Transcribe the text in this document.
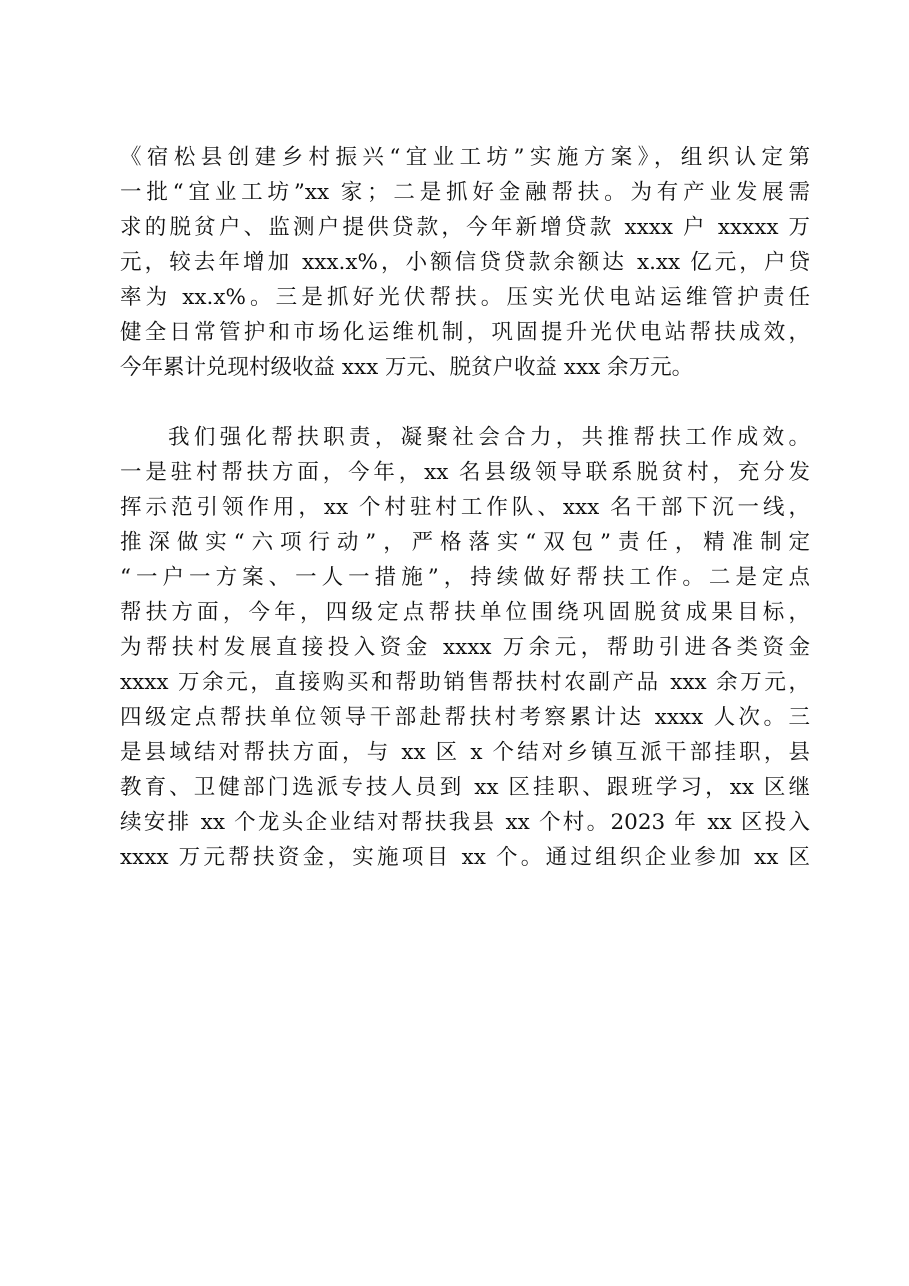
《宿松县创建乡村振兴“宜业工坊”实施方案》，组织认定第
一批“宜业工坊”xx 家；二是抓好金融帮扶。为有产业发展需
求的脱贫户、监测户提供贷款，今年新增贷款 xxxx 户 xxxxx 万
元，较去年增加 xxx.x%，小额信贷贷款余额达 x.xx 亿元，户贷
率为 xx.x%。三是抓好光伏帮扶。压实光伏电站运维管护责任
健全日常管护和市场化运维机制，巩固提升光伏电站帮扶成效，
今年累计兑现村级收益 xxx 万元、脱贫户收益 xxx 余万元。
我们强化帮扶职责，凝聚社会合力，共推帮扶工作成效。
一是驻村帮扶方面，今年，xx 名县级领导联系脱贫村，充分发
挥示范引领作用，xx 个村驻村工作队、xxx 名干部下沉一线，
推深做实“六项行动”，严格落实“双包”责任，精准制定
“一户一方案、一人一措施”，持续做好帮扶工作。二是定点
帮扶方面，今年，四级定点帮扶单位围绕巩固脱贫成果目标，
为帮扶村发展直接投入资金 xxxx 万余元，帮助引进各类资金
xxxx 万余元，直接购买和帮助销售帮扶村农副产品 xxx 余万元，
四级定点帮扶单位领导干部赴帮扶村考察累计达 xxxx 人次。三
是县域结对帮扶方面，与 xx 区 x 个结对乡镇互派干部挂职，县
教育、卫健部门选派专技人员到 xx 区挂职、跟班学习，xx 区继
续安排 xx 个龙头企业结对帮扶我县 xx 个村。2023 年 xx 区投入
xxxx 万元帮扶资金，实施项目 xx 个。通过组织企业参加 xx 区
